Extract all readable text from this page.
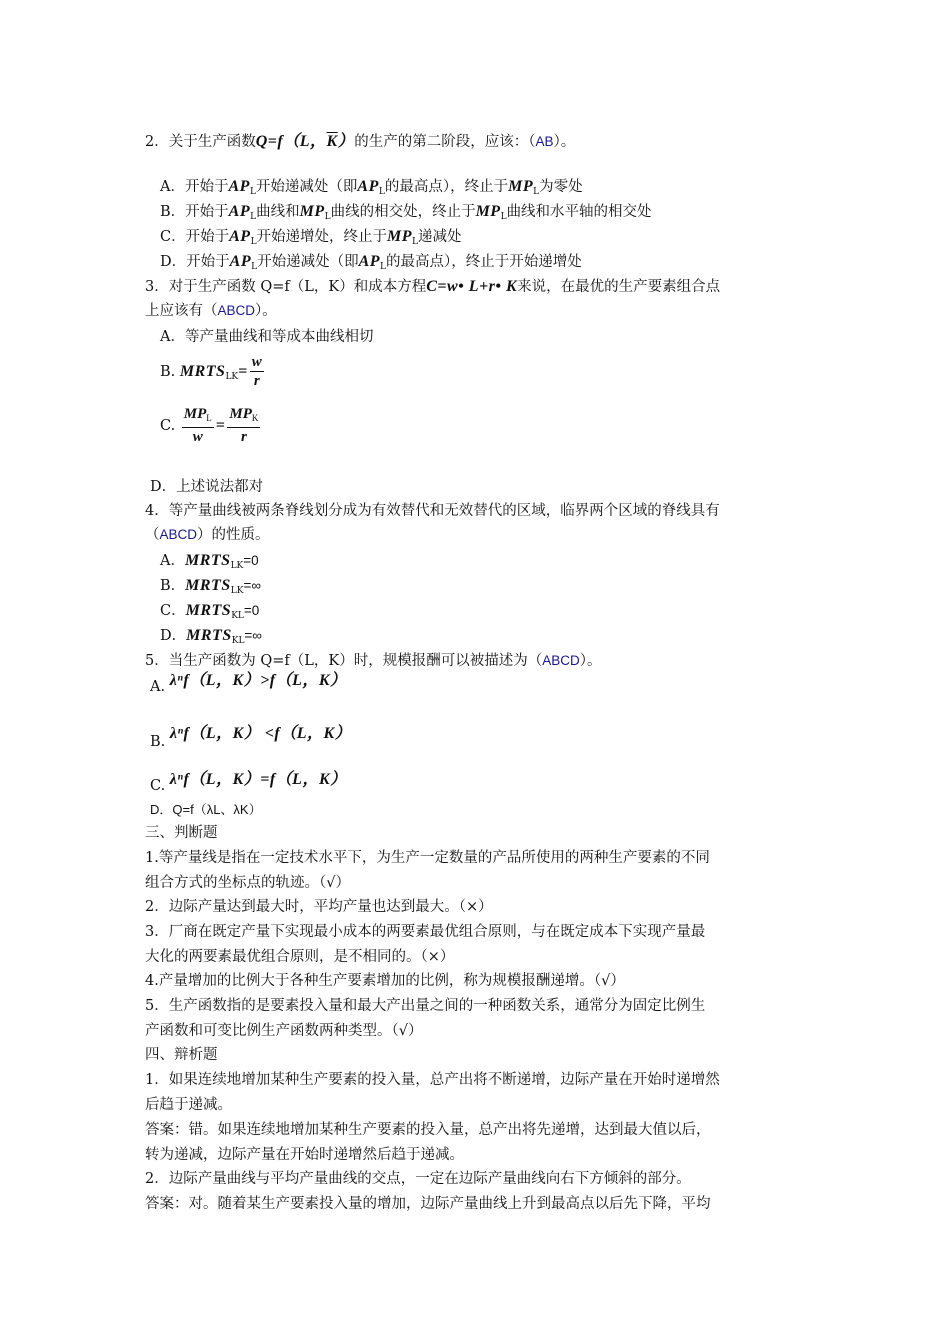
2．关于生产函数Q=f（L，$\overline{K}$）的生产的第二阶段，应该：（AB）。
A．开始于$AP_L$开始递减处（即$AP_L$的最高点），终止于$MP_L$为零处
B．开始于$AP_L$曲线和$MP_L$曲线的相交处，终止于$MP_L$曲线和水平轴的相交处
C．开始于$AP_L$开始递增处，终止于$MP_L$递减处
D．开始于$AP_L$开始递减处（即$AP_L$的最高点），终止于开始递增处
3．对于生产函数 Q=f（L，K）和成本方程C=w• L+r• K来说，在最优的生产要素组合点
上应该有（ABCD）。
A．等产量曲线和等成本曲线相切
B. $MRTS_{LK}= \frac{w}{r}$
C. $\frac{MP_L}{w} = \frac{MP_K}{r}$
D．上述说法都对
4．等产量曲线被两条脊线划分成为有效替代和无效替代的区域，临界两个区域的脊线具有
（ABCD）的性质。
A．$MRTS_{LK}=0$
B．$MRTS_{LK}=\infty$
C．$MRTS_{KL}=0$
D．$MRTS_{KL}=\infty$
5．当生产函数为 Q=f（L，K）时，规模报酬可以被描述为（ABCD）。
A. λⁿf（L，K）>f（L，K）
B. λⁿf（L，K） <f（L，K）
C. λⁿf（L，K）=f（L，K）
D．Q=f（λL、λK）
三、判断题
1.等产量线是指在一定技术水平下，为生产一定数量的产品所使用的两种生产要素的不同
组合方式的坐标点的轨迹。（√）
2．边际产量达到最大时，平均产量也达到最大。（×）
3．厂商在既定产量下实现最小成本的两要素最优组合原则，与在既定成本下实现产量最
大化的两要素最优组合原则，是不相同的。（×）
4.产量增加的比例大于各种生产要素增加的比例，称为规模报酬递增。（√）
5．生产函数指的是要素投入量和最大产出量之间的一种函数关系，通常分为固定比例生
产函数和可变比例生产函数两种类型。（√）
四、辩析题
1．如果连续地增加某种生产要素的投入量，总产出将不断递增，边际产量在开始时递增然
后趋于递减。
答案：错。如果连续地增加某种生产要素的投入量，总产出将先递增，达到最大值以后，
转为递减，边际产量在开始时递增然后趋于递减。
2．边际产量曲线与平均产量曲线的交点，一定在边际产量曲线向右下方倾斜的部分。
答案：对。随着某生产要素投入量的增加，边际产量曲线上升到最高点以后先下降，平均
